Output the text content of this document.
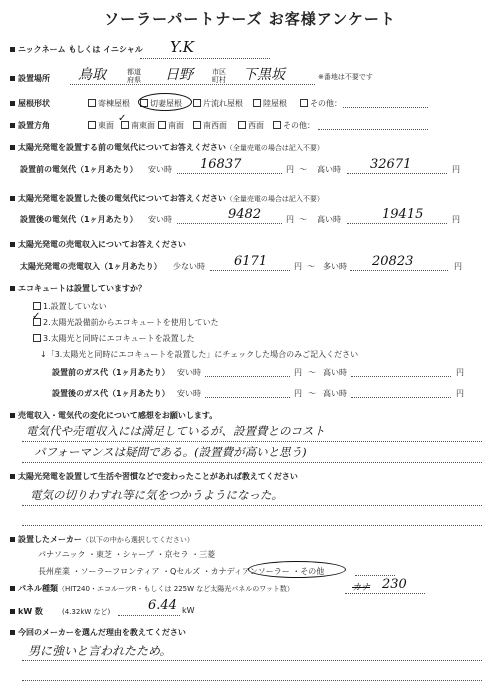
ソーラーパートナーズ お客様アンケート
ニックネーム もしくは イニシャル Y.K
設置場所 鳥取	都道府県 日野	市区町村 下黒坂	※番地は不要です
屋根形状	寄棟屋根	切妻屋根	片流れ屋根	陸屋根	その他：
設置方角	東面	南東面	南面	南西面	西面	その他：
✓
太陽光発電を設置する前の電気代についてお答えください（全量売電の場合は記入不要）
設置前の電気代（1ヶ月あたり） 安い時 16837	円 ～ 高い時 32671	円
太陽光発電を設置した後の電気代についてお答えください（全量売電の場合は記入不要）
設置後の電気代（1ヶ月あたり） 安い時	9482	円 ～ 高い時	19415	円
太陽光発電の売電収入についてお答えください
太陽光発電の売電収入（1ヶ月あたり） 少ない時 6171	円 ～ 多い時 20823	円
エコキュートは設置していますか？
1.設置していない
2.太陽光設備前からエコキュートを使用していた
✓
3.太陽光と同時にエコキュートを設置した
↓「3.太陽光と同時にエコキュートを設置した」にチェックした場合のみご記入ください
設置前のガス代（1ヶ月あたり） 安い時	円 ～ 高い時	円
設置後のガス代（1ヶ月あたり） 安い時	円 ～ 高い時	円
売電収入・電気代の変化について感想をお願いします。
電気代や売電収入には満足しているが、設置費とのコスト
パフォーマンスは疑問である。(設置費が高いと思う)
太陽光発電を設置して生活や習慣などで変わったことがあれば教えてください
電気の切りわすれ等に気をつかうようになった。
設置したメーカー（以下の中から選択してください）
パナソニック ・東芝 ・シャープ ・京セラ ・三菱
長州産業 ・ソーラーフロンティア ・Qセルズ ・カナディアンソーラー ・その他
パネル種類（HIT240・エコルーツR・もしくは 225W など太陽光パネルのワット数）	カナ 230
kW 数	(4.32kW など)	6.44 kW
今回のメーカーを選んだ理由を教えてください
男に強いと言われたため。
